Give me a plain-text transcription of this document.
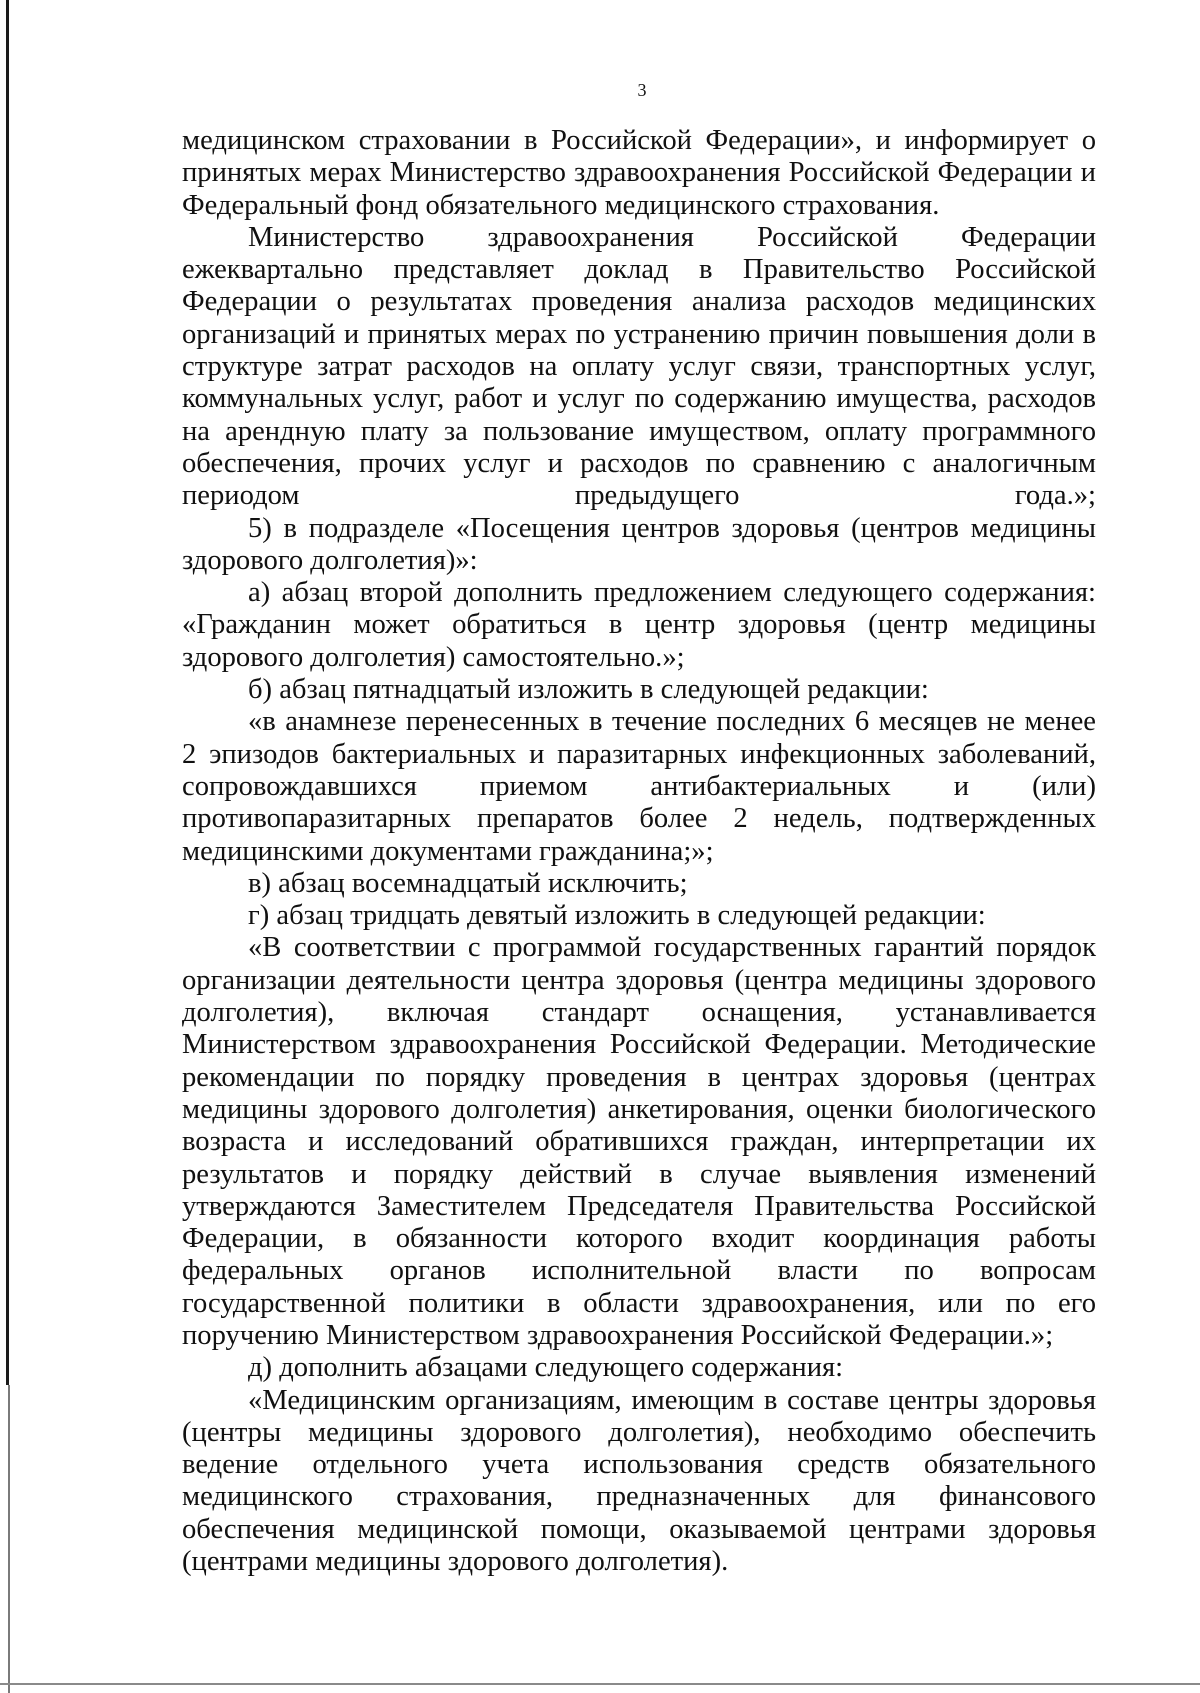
3

медицинском страховании в Российской Федерации», и информирует о принятых мерах Министерство здравоохранения Российской Федерации и Федеральный фонд обязательного медицинского страхования.

Министерство здравоохранения Российской Федерации ежеквартально представляет доклад в Правительство Российской Федерации о результатах проведения анализа расходов медицинских организаций и принятых мерах по устранению причин повышения доли в структуре затрат расходов на оплату услуг связи, транспортных услуг, коммунальных услуг, работ и услуг по содержанию имущества, расходов на арендную плату за пользование имуществом, оплату программного обеспечения, прочих услуг и расходов по сравнению с аналогичным периодом предыдущего года.»;

5) в подразделе «Посещения центров здоровья (центров медицины здорового долголетия)»:

а) абзац второй дополнить предложением следующего содержания: «Гражданин может обратиться в центр здоровья (центр медицины здорового долголетия) самостоятельно.»;

б) абзац пятнадцатый изложить в следующей редакции:

«в анамнезе перенесенных в течение последних 6 месяцев не менее 2 эпизодов бактериальных и паразитарных инфекционных заболеваний, сопровождавшихся приемом антибактериальных и (или) противопаразитарных препаратов более 2 недель, подтвержденных медицинскими документами гражданина;»;

в) абзац восемнадцатый исключить;

г) абзац тридцать девятый изложить в следующей редакции:

«В соответствии с программой государственных гарантий порядок организации деятельности центра здоровья (центра медицины здорового долголетия), включая стандарт оснащения, устанавливается Министерством здравоохранения Российской Федерации. Методические рекомендации по порядку проведения в центрах здоровья (центрах медицины здорового долголетия) анкетирования, оценки биологического возраста и исследований обратившихся граждан, интерпретации их результатов и порядку действий в случае выявления изменений утверждаются Заместителем Председателя Правительства Российской Федерации, в обязанности которого входит координация работы федеральных органов исполнительной власти по вопросам государственной политики в области здравоохранения, или по его поручению Министерством здравоохранения Российской Федерации.»;

д) дополнить абзацами следующего содержания:

«Медицинским организациям, имеющим в составе центры здоровья (центры медицины здорового долголетия), необходимо обеспечить ведение отдельного учета использования средств обязательного медицинского страхования, предназначенных для финансового обеспечения медицинской помощи, оказываемой центрами здоровья (центрами медицины здорового долголетия).
